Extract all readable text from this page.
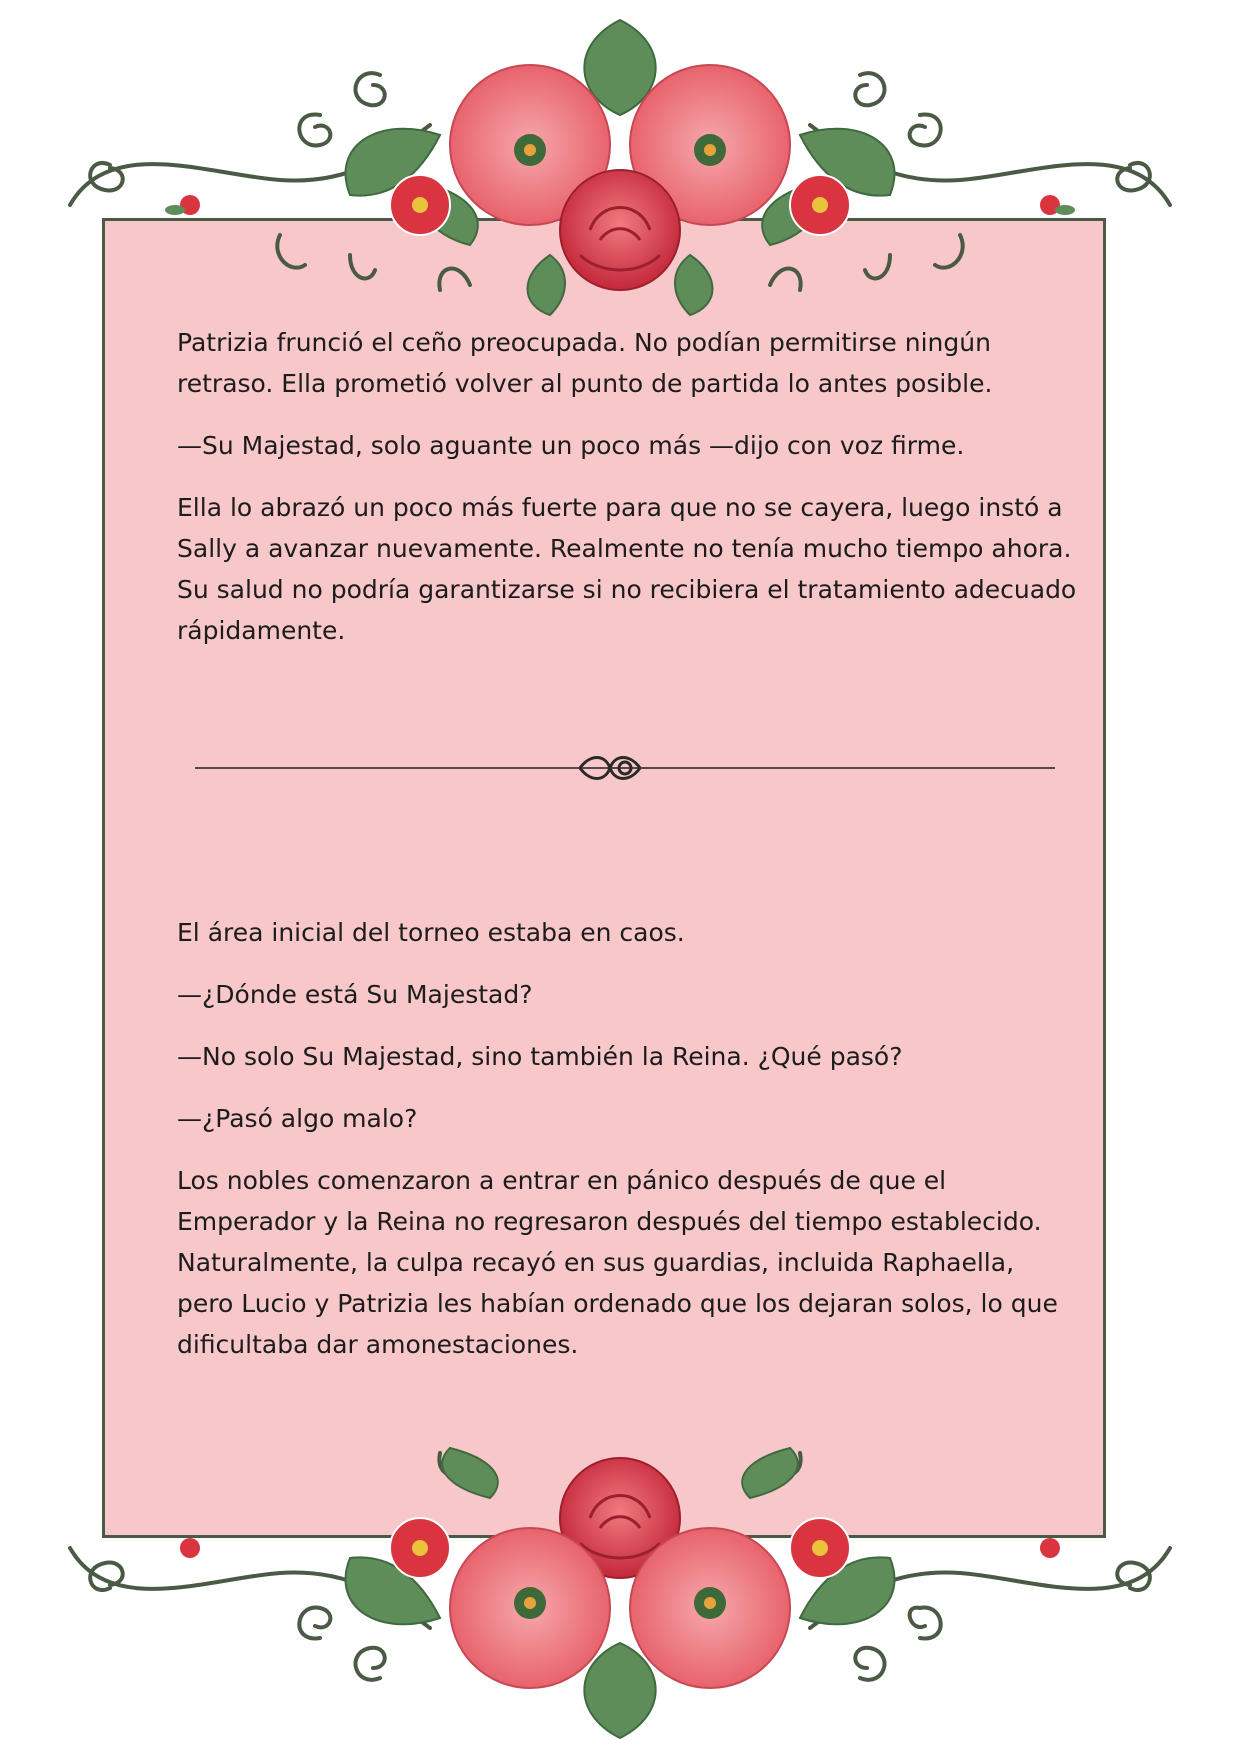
Patrizia frunció el ceño preocupada. No podían permitirse ningún retraso. Ella prometió volver al punto de partida lo antes posible.

—Su Majestad, solo aguante un poco más —dijo con voz firme.

Ella lo abrazó un poco más fuerte para que no se cayera, luego instó a Sally a avanzar nuevamente. Realmente no tenía mucho tiempo ahora. Su salud no podría garantizarse si no recibiera el tratamiento adecuado rápidamente.

El área inicial del torneo estaba en caos.

—¿Dónde está Su Majestad?

—No solo Su Majestad, sino también la Reina. ¿Qué pasó?

—¿Pasó algo malo?

Los nobles comenzaron a entrar en pánico después de que el Emperador y la Reina no regresaron después del tiempo establecido. Naturalmente, la culpa recayó en sus guardias, incluida Raphaella, pero Lucio y Patrizia les habían ordenado que los dejaran solos, lo que dificultaba dar amonestaciones.
